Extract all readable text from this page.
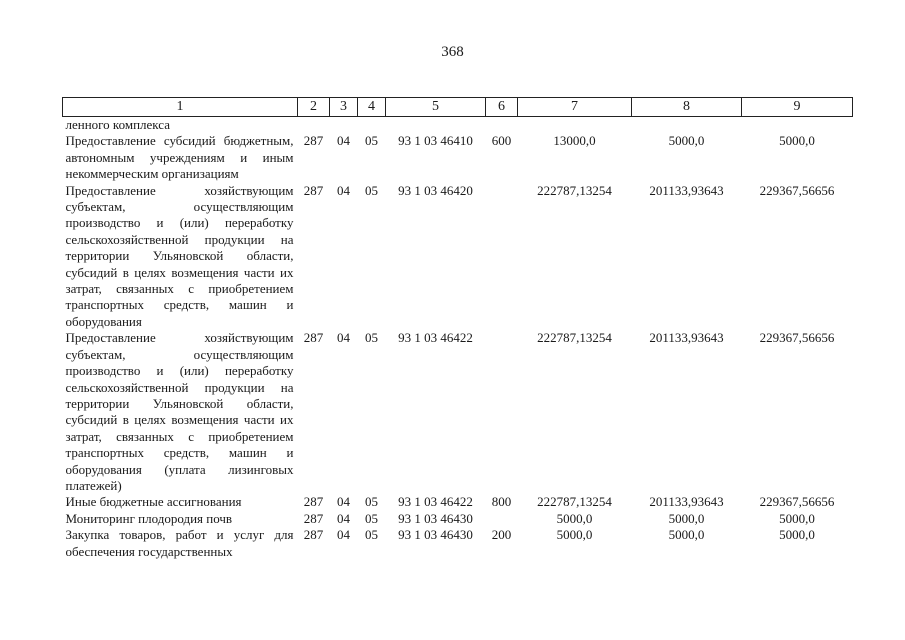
368
1	2	3	4	5	6	7	8	9
ленного комплекса								
Предоставление субсидий бюджетным, автономным учреждениям и иным некоммерческим организациям	287	04	05	93 1 03 46410	600	13000,0	5000,0	5000,0
Предоставление хозяйствующим субъектам, осуществляющим производство и (или) переработку сельскохозяйственной продукции на территории Ульяновской области, субсидий в целях возмещения части их затрат, связанных с приобретением транспортных средств, машин и оборудования	287	04	05	93 1 03 46420		222787,13254	201133,93643	229367,56656
Предоставление хозяйствующим субъектам, осуществляющим производство и (или) переработку сельскохозяйственной продукции на территории Ульяновской области, субсидий в целях возмещения части их затрат, связанных с приобретением транспортных средств, машин и оборудования (уплата лизинговых платежей)	287	04	05	93 1 03 46422		222787,13254	201133,93643	229367,56656
Иные бюджетные ассигнования	287	04	05	93 1 03 46422	800	222787,13254	201133,93643	229367,56656
Мониторинг плодородия почв	287	04	05	93 1 03 46430		5000,0	5000,0	5000,0
Закупка товаров, работ и услуг для обеспечения государственных	287	04	05	93 1 03 46430	200	5000,0	5000,0	5000,0
